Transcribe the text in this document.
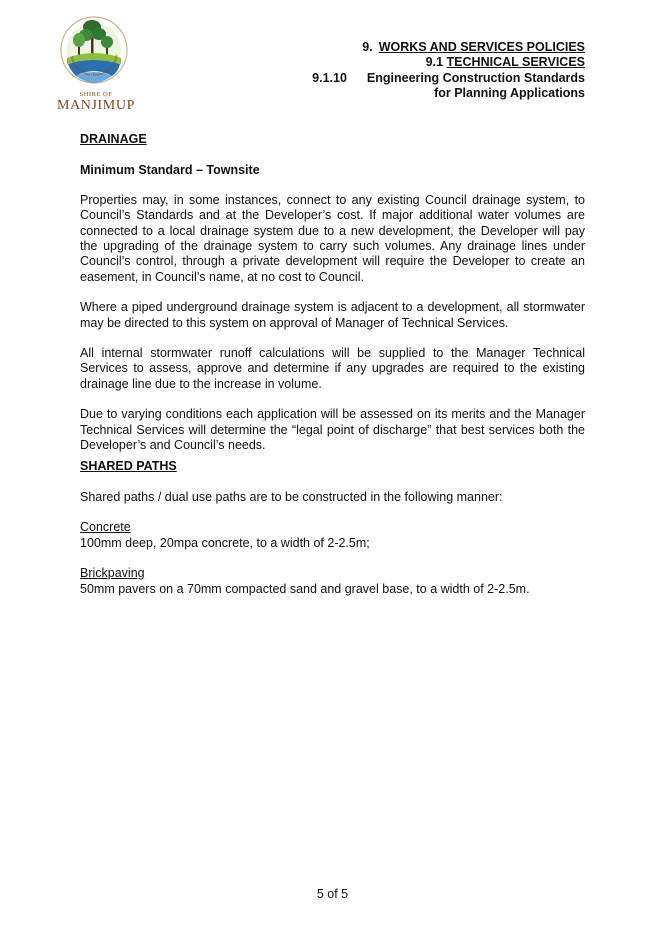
Southern Forests • Pemberton • Walpole
SHIRE OF
MANJIMUP
9. WORKS AND SERVICES POLICIES
9.1 TECHNICAL SERVICES
9.1.10 Engineering Construction Standards
for Planning Applications

DRAINAGE

Minimum Standard – Townsite

Properties may, in some instances, connect to any existing Council drainage system, to Council’s Standards and at the Developer’s cost. If major additional water volumes are connected to a local drainage system due to a new development, the Developer will pay the upgrading of the drainage system to carry such volumes. Any drainage lines under Council’s control, through a private development will require the Developer to create an easement, in Council’s name, at no cost to Council.

Where a piped underground drainage system is adjacent to a development, all stormwater may be directed to this system on approval of Manager of Technical Services.

All internal stormwater runoff calculations will be supplied to the Manager Technical Services to assess, approve and determine if any upgrades are required to the existing drainage line due to the increase in volume.

Due to varying conditions each application will be assessed on its merits and the Manager Technical Services will determine the “legal point of discharge” that best services both the Developer’s and Council’s needs.

SHARED PATHS

Shared paths / dual use paths are to be constructed in the following manner:

Concrete

100mm deep, 20mpa concrete, to a width of 2-2.5m;

Brickpaving

50mm pavers on a 70mm compacted sand and gravel base, to a width of 2-2.5m.

5 of 5
